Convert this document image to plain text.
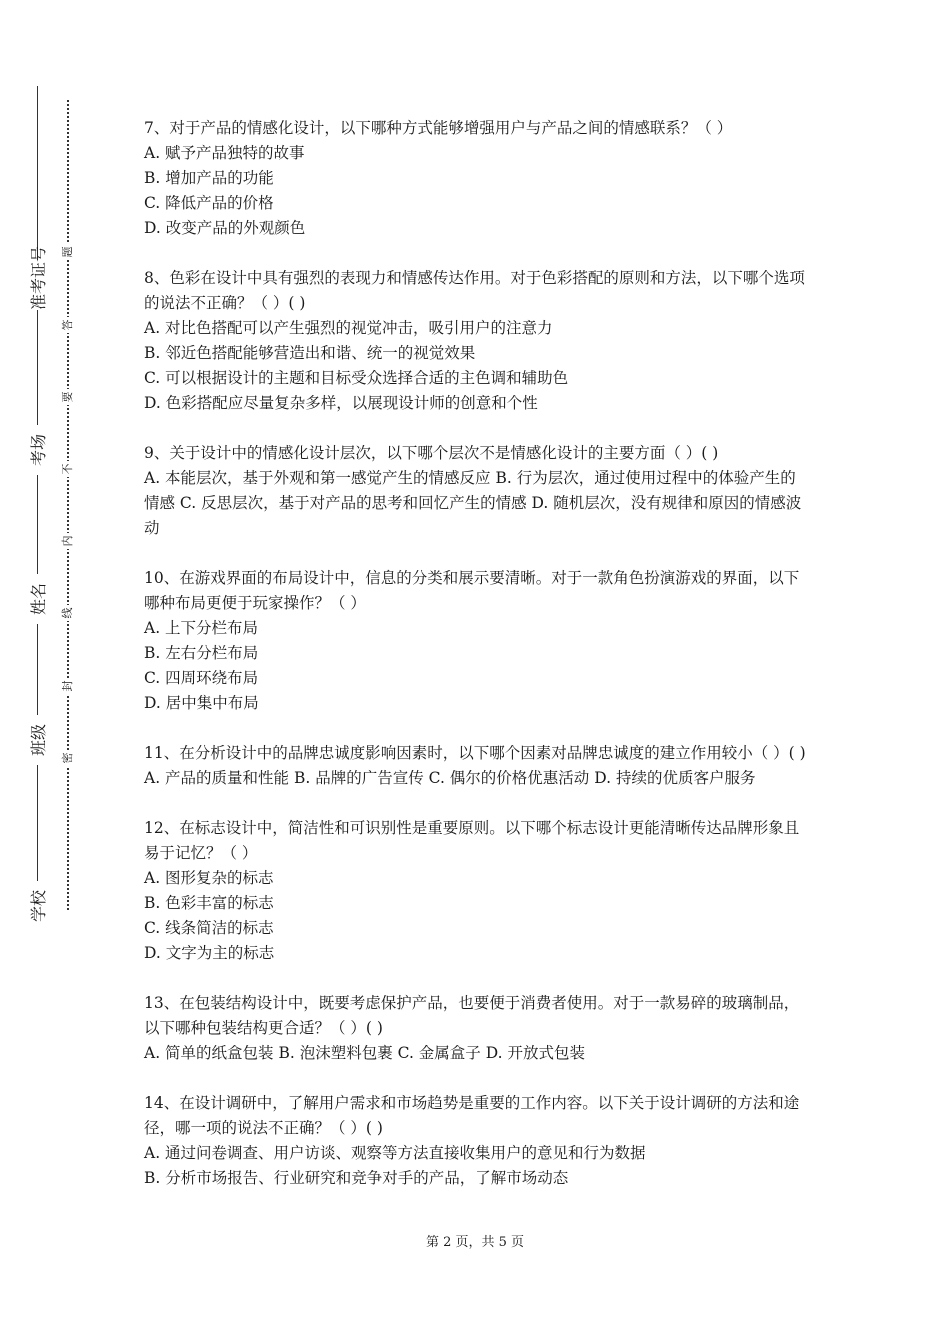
准考证号
考场
姓名
班级
学校
题
答
要
不
内
线
封
密

7、对于产品的情感化设计，以下哪种方式能够增强用户与产品之间的情感联系？（ ）

A. 赋予产品独特的故事

B. 增加产品的功能

C. 降低产品的价格

D. 改变产品的外观颜色

8、色彩在设计中具有强烈的表现力和情感传达作用。对于色彩搭配的原则和方法，以下哪个选项的说法不正确？（ ）( )

A. 对比色搭配可以产生强烈的视觉冲击，吸引用户的注意力

B. 邻近色搭配能够营造出和谐、统一的视觉效果

C. 可以根据设计的主题和目标受众选择合适的主色调和辅助色

D. 色彩搭配应尽量复杂多样，以展现设计师的创意和个性

9、关于设计中的情感化设计层次，以下哪个层次不是情感化设计的主要方面（ ）( )

A. 本能层次，基于外观和第一感觉产生的情感反应 B. 行为层次，通过使用过程中的体验产生的情感 C. 反思层次，基于对产品的思考和回忆产生的情感 D. 随机层次，没有规律和原因的情感波动

10、在游戏界面的布局设计中，信息的分类和展示要清晰。对于一款角色扮演游戏的界面，以下哪种布局更便于玩家操作？（ ）

A. 上下分栏布局

B. 左右分栏布局

C. 四周环绕布局

D. 居中集中布局

11、在分析设计中的品牌忠诚度影响因素时，以下哪个因素对品牌忠诚度的建立作用较小（ ）( )

A. 产品的质量和性能 B. 品牌的广告宣传 C. 偶尔的价格优惠活动 D. 持续的优质客户服务

12、在标志设计中，简洁性和可识别性是重要原则。以下哪个标志设计更能清晰传达品牌形象且易于记忆？（ ）

A. 图形复杂的标志

B. 色彩丰富的标志

C. 线条简洁的标志

D. 文字为主的标志

13、在包装结构设计中，既要考虑保护产品，也要便于消费者使用。对于一款易碎的玻璃制品，以下哪种包装结构更合适？（ ）( )

A. 简单的纸盒包装 B. 泡沫塑料包裹 C. 金属盒子 D. 开放式包装

14、在设计调研中，了解用户需求和市场趋势是重要的工作内容。以下关于设计调研的方法和途径，哪一项的说法不正确？（ ）( )

A. 通过问卷调查、用户访谈、观察等方法直接收集用户的意见和行为数据

B. 分析市场报告、行业研究和竞争对手的产品，了解市场动态

第 2 页，共 5 页
